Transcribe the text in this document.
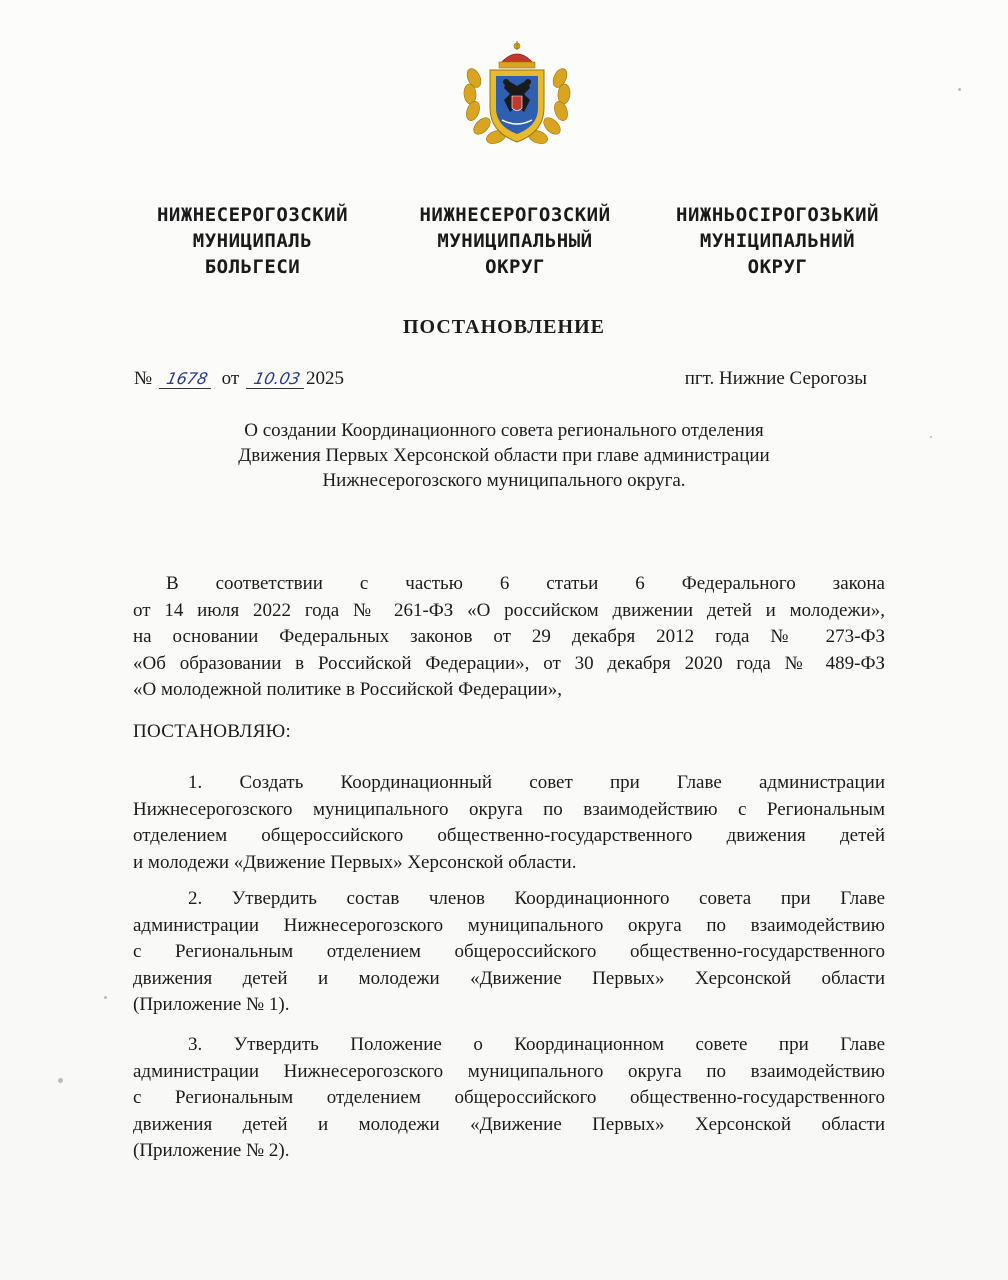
НИЖНЕСЕРОГОЗСКИЙ
МУНИЦИПАЛЬ
БОЛЬГЕСИ
НИЖНЕСЕРОГОЗСКИЙ
МУНИЦИПАЛЬНЫЙ
ОКРУГ
НИЖНЬОСІРОГОЗЬКИЙ
МУНІЦИПАЛЬНИЙ
ОКРУГ
ПОСТАНОВЛЕНИЕ
№ 1678 от 10.03 2025	пгт. Нижние Серогозы
О создании Координационного совета регионального отделения
Движения Первых Херсонской области при главе администрации
Нижнесерогозского муниципального округа.
В соответствии с частью 6 статьи 6 Федерального закона
от 14 июля 2022 года № 261-ФЗ «О российском движении детей и молодежи»,
на основании Федеральных законов от 29 декабря 2012 года № 273-ФЗ
«Об образовании в Российской Федерации», от 30 декабря 2020 года № 489-ФЗ
«О молодежной политике в Российской Федерации»,
ПОСТАНОВЛЯЮ:
1. Создать Координационный совет при Главе администрации
Нижнесерогозского муниципального округа по взаимодействию с Региональным
отделением общероссийского общественно-государственного движения детей
и молодежи «Движение Первых» Херсонской области.
2. Утвердить состав членов Координационного совета при Главе
администрации Нижнесерогозского муниципального округа по взаимодействию
с Региональным отделением общероссийского общественно-государственного
движения детей и молодежи «Движение Первых» Херсонской области
(Приложение № 1).
3. Утвердить Положение о Координационном совете при Главе
администрации Нижнесерогозского муниципального округа по взаимодействию
с Региональным отделением общероссийского общественно-государственного
движения детей и молодежи «Движение Первых» Херсонской области
(Приложение № 2).
